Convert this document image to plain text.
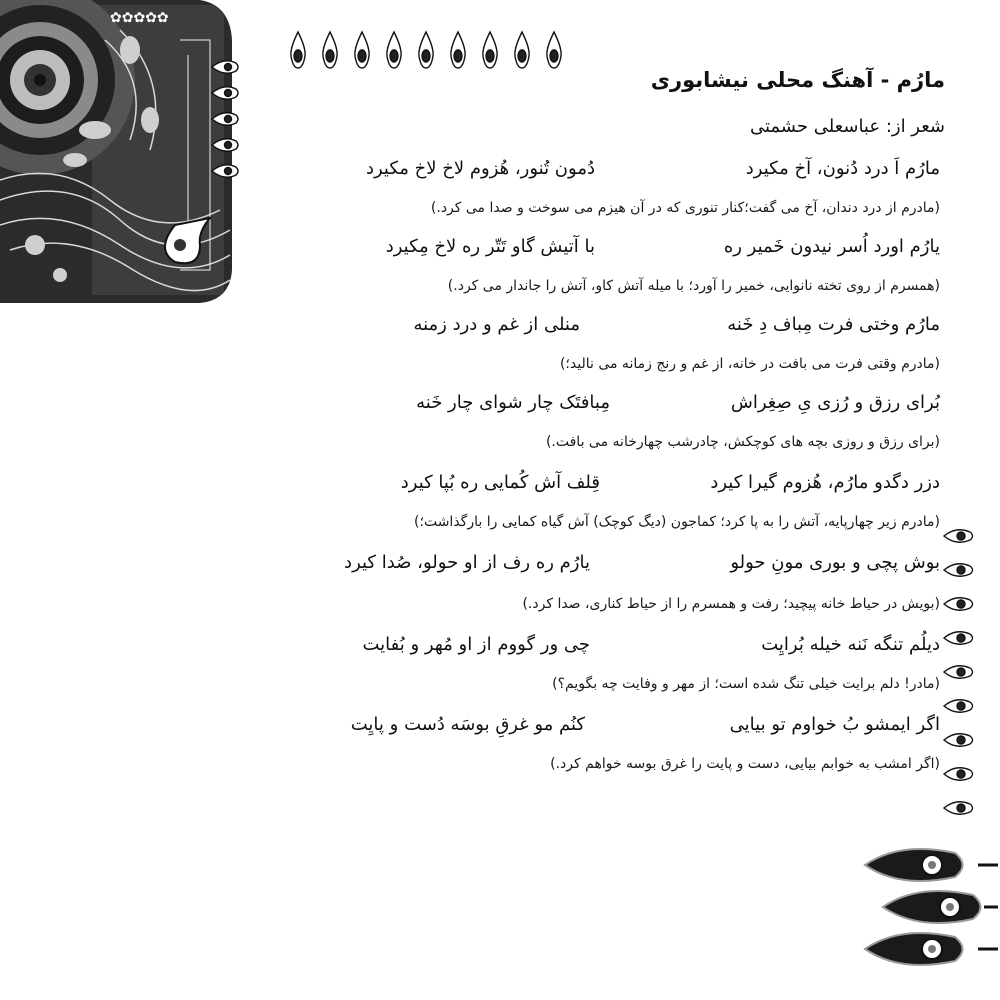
✿✿✿✿✿
مارُم - آهنگ محلی نیشابوری
شعر از: عباسعلی حشمتی
مارُم اَ درد دُنون، آخ مکیرد
دُمون تُنور، هُزوم لاخ لاخ مکیرد
(مادرم از درد دندان، آخ می گفت؛کنار تنوری که در آن هیزم می سوخت و صدا می کرد.)
یارُم اورد اُسر نیدون خَمیر ره
با آتیش گاو تَتّر ره لاخ مِکیرد
(همسرم از روی تخته نانوایی، خمیر را آورد؛ با میله آتش کاو، آتش را جاندار می کرد.)
مارُم وختی فرت مِباف دِ خَنه
منلی از غم و درد زمنه
(مادرم وقتی فرت می بافت در خانه، از غم و رنج زمانه می نالید؛)
بُرای رزق و رُزی یِ صِغِراش
مِبافتَک چار شوای چار خَنه
(برای رزق و روزی بچه های کوچکش، چادرشب چهارخانه می بافت.)
دزر دگدو مارُم، هُزوم گیرا کیرد
قِلف آش کُمایی ره بُپا کیرد
(مادرم زیر چهارپایه، آتش را به پا کرد؛ کماجون (دیگ کوچک) آش گیاه کمایی را بارگذاشت؛)
بوش پچی و بوری مونِ حولو
یارُم ره رف از او حولو، صُدا کیرد
(بویش در حیاط خانه پیچید؛ رفت و همسرم را از حیاط کناری، صدا کرد.)
دیلُم تنگه نَنه خیله بُرایِت
چی ور گووم از او مُهر و بُفایت
(مادر! دلم برایت خیلی تنگ شده است؛ از مهر و وفایت چه بگویم؟)
اگر ایمشو بُ خواوم تو بیایی
کنُم مو غرقِ بوسَه دُست و پایِت
(اگر امشب به خوابم بیایی، دست و پایت را غرق بوسه خواهم کرد.)
